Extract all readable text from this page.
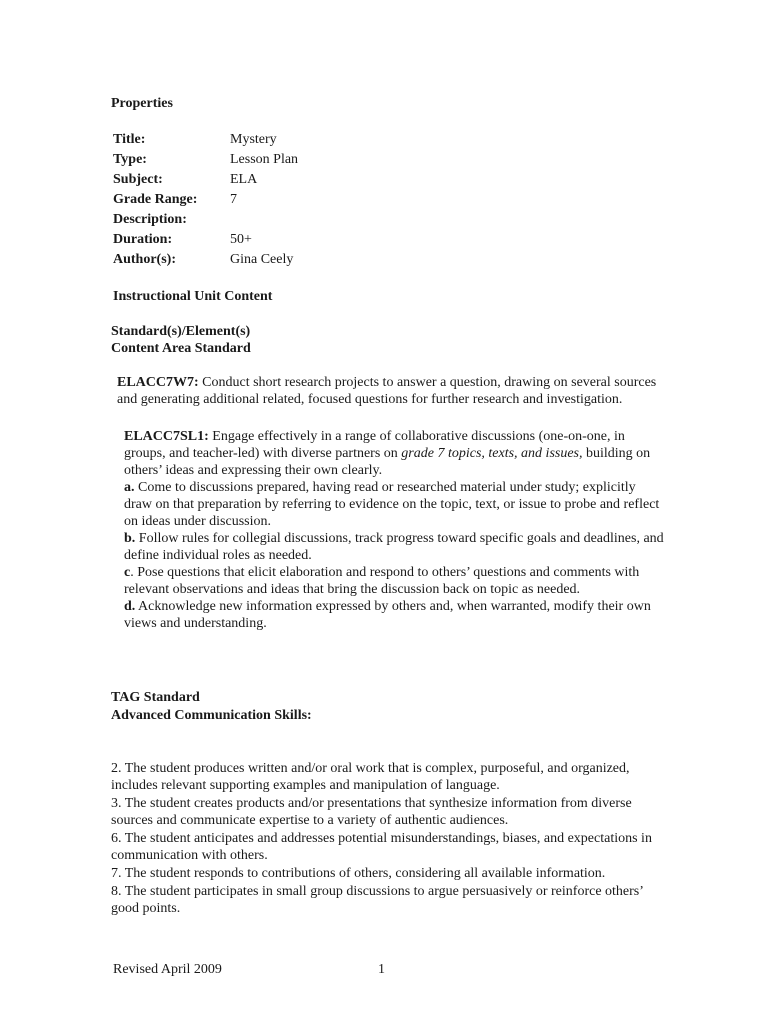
Properties
Title:	Mystery
Type:	Lesson Plan
Subject:	ELA
Grade Range: 7
Description:
Duration:	50+
Author(s):	Gina Ceely
Instructional Unit Content
Standard(s)/Element(s)
Content Area Standard
ELACC7W7: Conduct short research projects to answer a question, drawing on several sources and generating additional related, focused questions for further research and investigation.

ELACC7SL1: Engage effectively in a range of collaborative discussions (one-on-one, in groups, and teacher-led) with diverse partners on grade 7 topics, texts, and issues, building on others’ ideas and expressing their own clearly.

a. Come to discussions prepared, having read or researched material under study; explicitly draw on that preparation by referring to evidence on the topic, text, or issue to probe and reflect on ideas under discussion.

b. Follow rules for collegial discussions, track progress toward specific goals and deadlines, and define individual roles as needed.

c. Pose questions that elicit elaboration and respond to others’ questions and comments with relevant observations and ideas that bring the discussion back on topic as needed.

d. Acknowledge new information expressed by others and, when warranted, modify their own views and understanding.

TAG Standard
Advanced Communication Skills:

2. The student produces written and/or oral work that is complex, purposeful, and organized, includes relevant supporting examples and manipulation of language.

3. The student creates products and/or presentations that synthesize information from diverse sources and communicate expertise to a variety of authentic audiences.

6. The student anticipates and addresses potential misunderstandings, biases, and expectations in communication with others.

7. The student responds to contributions of others, considering all available information.

8. The student participates in small group discussions to argue persuasively or reinforce others’ good points.

Revised April 2009	1
